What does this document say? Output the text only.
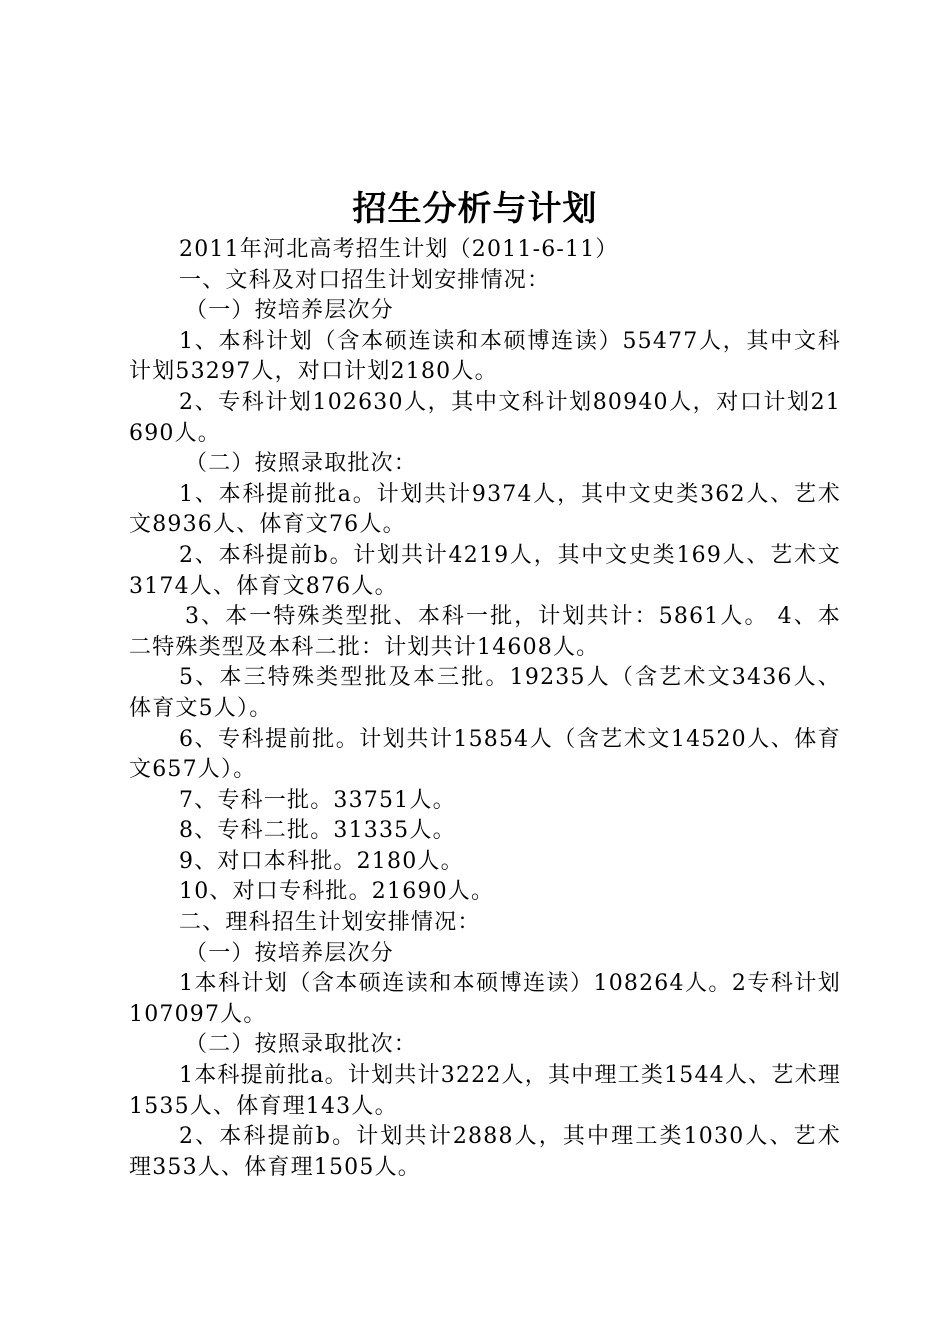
招生分析与计划

2011年河北高考招生计划（2011-6-11）

一、文科及对口招生计划安排情况：

（一）按培养层次分

1、本科计划（含本硕连读和本硕博连读）55477人，其中文科计划53297人，对口计划2180人。

2、专科计划102630人，其中文科计划80940人，对口计划21690人。

（二）按照录取批次：

1、本科提前批a。计划共计9374人，其中文史类362人、艺术文8936人、体育文76人。

2、本科提前b。计划共计4219人，其中文史类169人、艺术文3174人、体育文876人。

3、本一特殊类型批、本科一批，计划共计：5861人。 4、本二特殊类型及本科二批：计划共计14608人。

5、本三特殊类型批及本三批。19235人（含艺术文3436人、体育文5人）。

6、专科提前批。计划共计15854人（含艺术文14520人、体育文657人）。

7、专科一批。33751人。

8、专科二批。31335人。

9、对口本科批。2180人。

10、对口专科批。21690人。

二、理科招生计划安排情况：

（一）按培养层次分

1本科计划（含本硕连读和本硕博连读）108264人。2专科计划107097人。

（二）按照录取批次：

1本科提前批a。计划共计3222人，其中理工类1544人、艺术理1535人、体育理143人。

2、本科提前b。计划共计2888人，其中理工类1030人、艺术理353人、体育理1505人。
